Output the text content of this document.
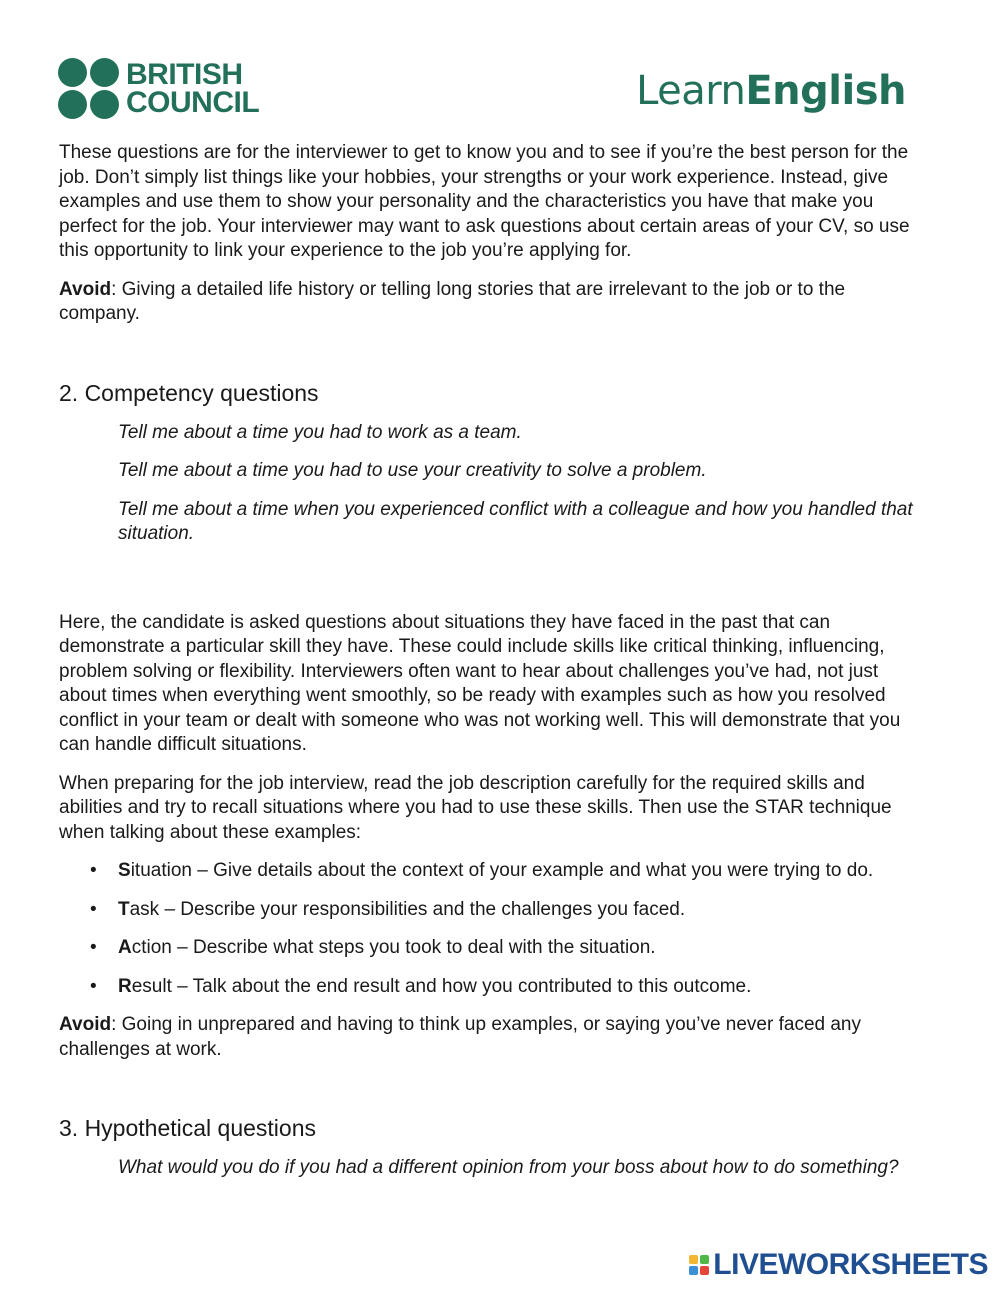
BRITISH
COUNCIL	LearnEnglish

These questions are for the interviewer to get to know you and to see if you’re the best person for the job. Don’t simply list things like your hobbies, your strengths or your work experience. Instead, give examples and use them to show your personality and the characteristics you have that make you perfect for the job. Your interviewer may want to ask questions about certain areas of your CV, so use this opportunity to link your experience to the job you’re applying for.

Avoid: Giving a detailed life history or telling long stories that are irrelevant to the job or to the company.

2. Competency questions

Tell me about a time you had to work as a team.

Tell me about a time you had to use your creativity to solve a problem.

Tell me about a time when you experienced conflict with a colleague and how you handled that situation.

Here, the candidate is asked questions about situations they have faced in the past that can demonstrate a particular skill they have. These could include skills like critical thinking, influencing, problem solving or flexibility. Interviewers often want to hear about challenges you’ve had, not just about times when everything went smoothly, so be ready with examples such as how you resolved conflict in your team or dealt with someone who was not working well. This will demonstrate that you can handle difficult situations.

When preparing for the job interview, read the job description carefully for the required skills and abilities and try to recall situations where you had to use these skills. Then use the STAR technique when talking about these examples:

• Situation – Give details about the context of your example and what you were trying to do.
• Task – Describe your responsibilities and the challenges you faced.
• Action – Describe what steps you took to deal with the situation.
• Result – Talk about the end result and how you contributed to this outcome.

Avoid: Going in unprepared and having to think up examples, or saying you’ve never faced any challenges at work.

3. Hypothetical questions

What would you do if you had a different opinion from your boss about how to do something?

LIVEWORKSHEETS
